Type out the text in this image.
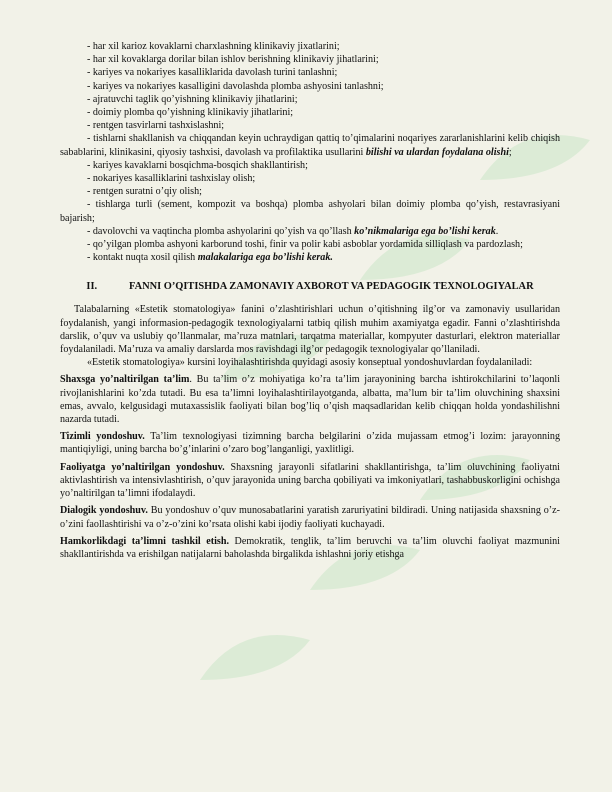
- har xil karioz kovaklarni charxlashning klinikaviy jixatlarini;

- har xil kovaklarga dorilar bilan ishlov berishning klinikaviy jihatlarini;

- kariyes va nokariyes kasalliklarida davolash turini tanlashni;

- kariyes va nokariyes kasalligini davolashda plomba ashyosini tanlashni;

- ajratuvchi taglik qo’yishning klinikaviy jihatlarini;

- doimiy plomba qo’yishning klinikaviy jihatlarini;

- rentgen tasvirlarni tashxislashni;

- tishlarni shakllanish va chiqqandan keyin uchraydigan qattiq to’qimalarini noqariyes zararlanishlarini kelib chiqish sabablarini, klinikasini, qiyosiy tashxisi, davolash va profilaktika usullarini bilishi va ulardan foydalana olishi;

- kariyes kavaklarni bosqichma-bosqich shakllantirish;

- nokariyes kasalliklarini tashxislay olish;

- rentgen suratni o’qiy olish;

- tishlarga turli (sement, kompozit va boshqa) plomba ashyolari bilan doimiy plomba qo’yish, restavrasiyani bajarish;

- davolovchi va vaqtincha plomba ashyolarini qo’yish va qo’llash ko’nikmalariga ega bo’lishi kerak.

- qo’yilgan plomba ashyoni karborund toshi, finir va polir kabi asboblar yordamida silliqlash va pardozlash;

- kontakt nuqta xosil qilish malakalariga ega bo’lishi kerak.

II.	FANNI O’QITISHDA ZAMONAVIY AXBOROT VA PEDAGOGIK TEXNOLOGIYALAR

Talabalarning «Estetik stomatologiya» fanini o’zlashtirishlari uchun o’qitishning ilg’or va zamonaviy usullaridan foydalanish, yangi informasion-pedagogik texnologiyalarni tatbiq qilish muhim axamiyatga egadir. Fanni o’zlashtirishda darslik, o’quv va uslubiy qo’llanmalar, ma’ruza matnlari, tarqatma materiallar, kompyuter dasturlari, elektron materiallar foydalaniladi. Ma’ruza va amaliy darslarda mos ravishdagi ilg’or pedagogik texnologiyalar qo’llaniladi.

«Estetik stomatologiya» kursini loyihalashtirishda quyidagi asosiy konseptual yondoshuvlardan foydalaniladi:

Shaxsga yo’naltirilgan ta’lim. Bu ta’lim o’z mohiyatiga ko’ra ta’lim jarayonining barcha ishtirokchilarini to’laqonli rivojlanishlarini ko’zda tutadi. Bu esa ta’limni loyihalashtirilayotganda, albatta, ma’lum bir ta’lim oluvchining shaxsini emas, avvalo, kelgusidagi mutaxassislik faoliyati bilan bog’liq o’qish maqsadlaridan kelib chiqqan holda yondashilishni nazarda tutadi.

Tizimli yondoshuv. Ta’lim texnologiyasi tizimning barcha belgilarini o’zida mujassam etmog’i lozim: jarayonning mantiqiyligi, uning barcha bo’g’inlarini o’zaro bog’langanligi, yaxlitligi.

Faoliyatga yo’naltirilgan yondoshuv. Shaxsning jarayonli sifatlarini shakllantirishga, ta’lim oluvchining faoliyatni aktivlashtirish va intensivlashtirish, o’quv jarayonida uning barcha qobiliyati va imkoniyatlari, tashabbuskorligini ochishga yo’naltirilgan ta’limni ifodalaydi.

Dialogik yondoshuv. Bu yondoshuv o’quv munosabatlarini yaratish zaruriyatini bildiradi. Uning natijasida shaxsning o’z-o’zini faollashtirishi va o’z-o’zini ko’rsata olishi kabi ijodiy faoliyati kuchayadi.

Hamkorlikdagi ta’limni tashkil etish. Demokratik, tenglik, ta’lim beruvchi va ta’lim oluvchi faoliyat mazmunini shakllantirishda va erishilgan natijalarni baholashda birgalikda ishlashni joriy etishga
